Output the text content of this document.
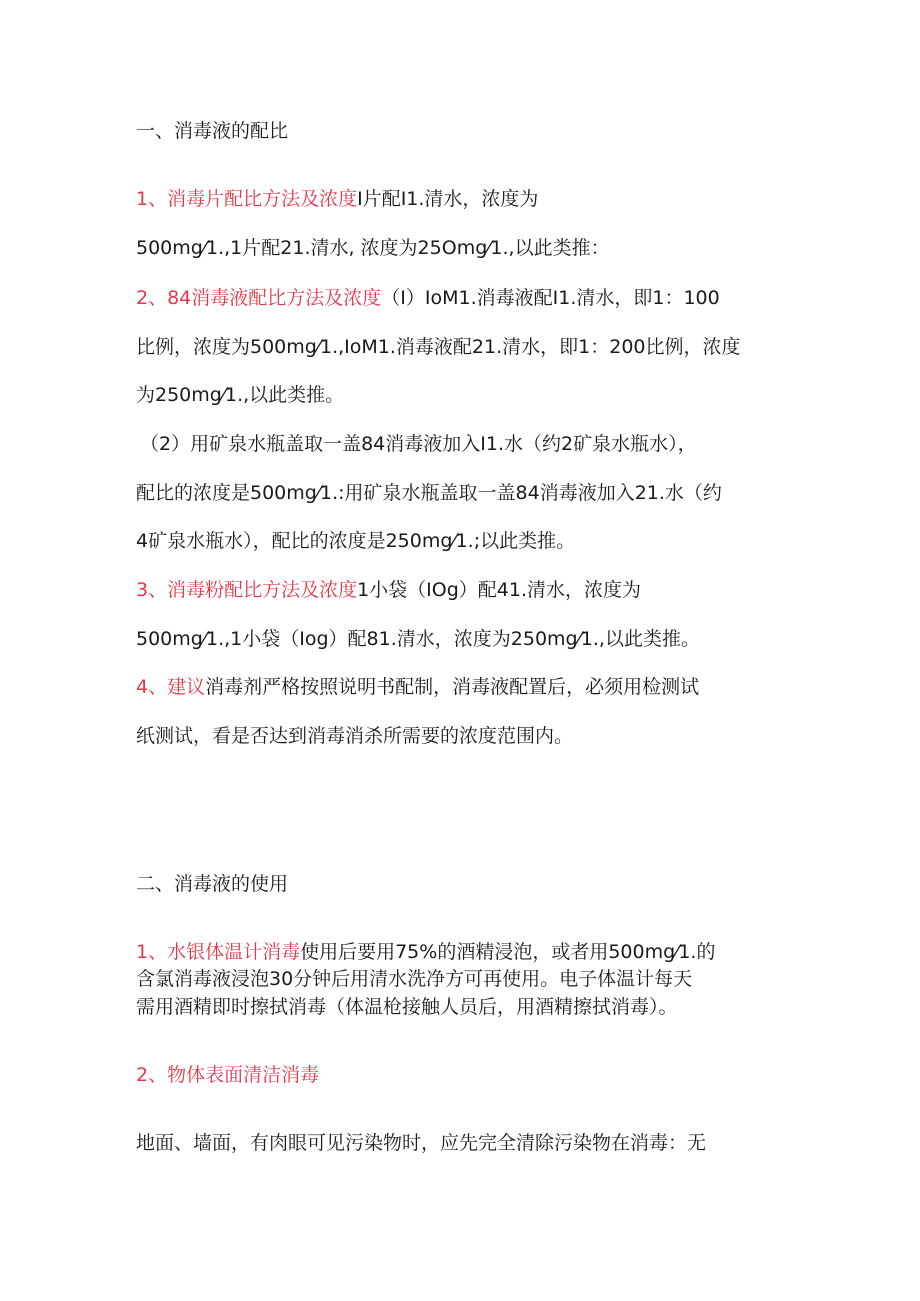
一、消毒液的配比
1、消毒片配比方法及浓度I片配I1.清水，浓度为
500mg⁄1.,1片配21.清水, 浓度为25Omg⁄1.,以此类推：
2、84消毒液配比方法及浓度（I）IoM1.消毒液配I1.清水，即1：100
比例，浓度为500mg⁄1.,IoM1.消毒液配21.清水，即1：200比例，浓度
为250mg⁄1.,以此类推。
（2）用矿泉水瓶盖取一盖84消毒液加入I1.水（约2矿泉水瓶水），
配比的浓度是500mg⁄1.:用矿泉水瓶盖取一盖84消毒液加入21.水（约
4矿泉水瓶水），配比的浓度是250mg⁄1.;以此类推。
3、消毒粉配比方法及浓度1小袋（IOg）配41.清水，浓度为
500mg⁄1.,1小袋（Iog）配81.清水，浓度为250mg⁄1.,以此类推。
4、建议消毒剂严格按照说明书配制，消毒液配置后，必须用检测试
纸测试，看是否达到消毒消杀所需要的浓度范围内。
二、消毒液的使用
1、水银体温计消毒使用后要用75%的酒精浸泡，或者用500mg⁄1.的
含氯消毒液浸泡30分钟后用清水洗净方可再使用。电子体温计每天
需用酒精即时擦拭消毒（体温枪接触人员后，用酒精擦拭消毒）。
2、物体表面清洁消毒
地面、墙面，有肉眼可见污染物时，应先完全清除污染物在消毒：无
